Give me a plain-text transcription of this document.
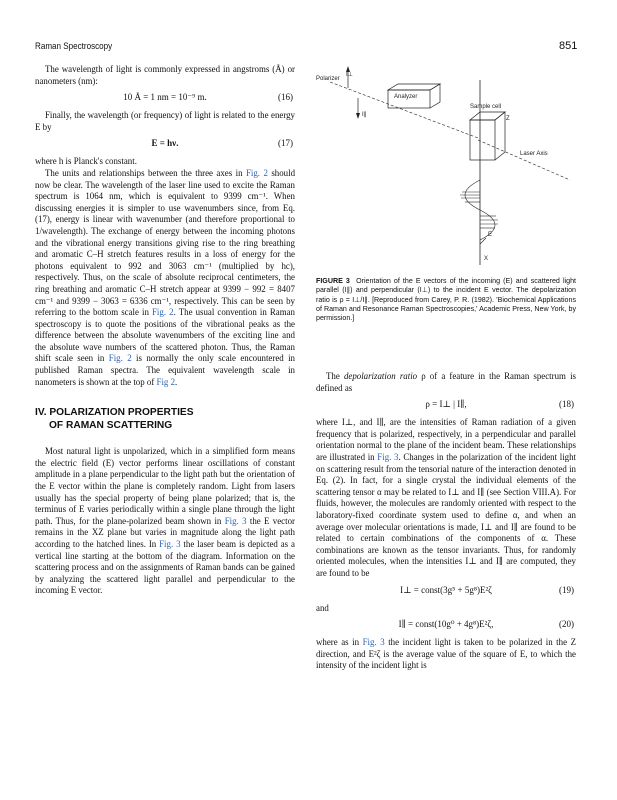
Raman Spectroscopy	851

The wavelength of light is commonly expressed in angstroms (Å) or nanometers (nm):

10 Å = 1 nm = 10⁻⁹ m.	(16)

Finally, the wavelength (or frequency) of light is related to the energy E by

E = hν.	(17)

where h is Planck's constant.

The units and relationships between the three axes in Fig. 2 should now be clear. The wavelength of the laser line used to excite the Raman spectrum is 1064 nm, which is equivalent to 9399 cm⁻¹. When discussing energies it is simpler to use wavenumbers since, from Eq. (17), energy is linear with wavenumber (and therefore proportional to 1/wavelength). The exchange of energy between the incoming photons and the vibrational energy transitions giving rise to the ring breathing and aromatic C–H stretch features results in a loss of energy for the photons equivalent to 992 and 3063 cm⁻¹ (multiplied by hc), respectively. Thus, on the scale of absolute reciprocal centimeters, the ring breathing and aromatic C–H stretch appear at 9399 − 992 = 8407 cm⁻¹ and 9399 − 3063 = 6336 cm⁻¹, respectively. This can be seen by referring to the bottom scale in Fig. 2. The usual convention in Raman spectroscopy is to quote the positions of the vibrational peaks as the difference between the absolute wavenumbers of the exciting line and the absolute wave numbers of the scattered photon. Thus, the Raman shift scale seen in Fig. 2 is normally the only scale encountered in published Raman spectra. The equivalent wavelength scale in nanometers is shown at the top of Fig 2.

IV. POLARIZATION PROPERTIES
OF RAMAN SCATTERING

Most natural light is unpolarized, which in a simplified form means the electric field (E) vector performs linear oscillations of constant amplitude in a plane perpendicular to the light path but the orientation of the E vector within the plane is completely random. Light from lasers usually has the special property of being plane polarized; that is, the terminus of E varies periodically within a single plane through the light path. Thus, for the plane-polarized beam shown in Fig. 3 the E vector remains in the XZ plane but varies in magnitude along the light path according to the hatched lines. In Fig. 3 the laser beam is depicted as a vertical line starting at the bottom of the diagram. Information on the scattering process and on the assignments of Raman bands can be gained by analyzing the scattered light parallel and perpendicular to the incoming E vector.

I⊥
I∥
Polarizer
Analyzer
Sample cell
Laser Axis
E
X
Z
FIGURE 3 Orientation of the E vectors of the incoming (E) and scattered light parallel (I∥) and perpendicular (I⊥) to the incident E vector. The depolarization ratio is ρ = I⊥/I∥. [Reproduced from Carey, P. R. (1982). 'Biochemical Applications of Raman and Resonance Raman Spectroscopies,' Academic Press, New York, by permission.]

The depolarization ratio ρ of a feature in the Raman spectrum is defined as

ρ = I⊥ | I∥,	(18)

where I⊥, and I∥, are the intensities of Raman radiation of a given frequency that is polarized, respectively, in a perpendicular and parallel orientation normal to the plane of the incident beam. These relationships are illustrated in Fig. 3. Changes in the polarization of the incident light on scattering result from the tensorial nature of the interaction denoted in Eq. (2). In fact, for a single crystal the individual elements of the scattering tensor α may be related to I⊥ and I∥ (see Section VIII.A). For fluids, however, the molecules are randomly oriented with respect to the laboratory-fixed coordinate system used to define α, and when an average over molecular orientations is made, I⊥ and I∥ are found to be related to certain combinations of the components of α. These combinations are known as the tensor invariants. Thus, for randomly oriented molecules, when the intensities I⊥ and I∥ are computed, they are found to be

I⊥ = const(3g⁵ + 5g⁸)E²ζ	(19)

and

I∥ = const(10g⁰ + 4g⁸)E²ζ,	(20)

where as in Fig. 3 the incident light is taken to be polarized in the Z direction, and E²ζ is the average value of the square of E, to which the intensity of the incident light is
